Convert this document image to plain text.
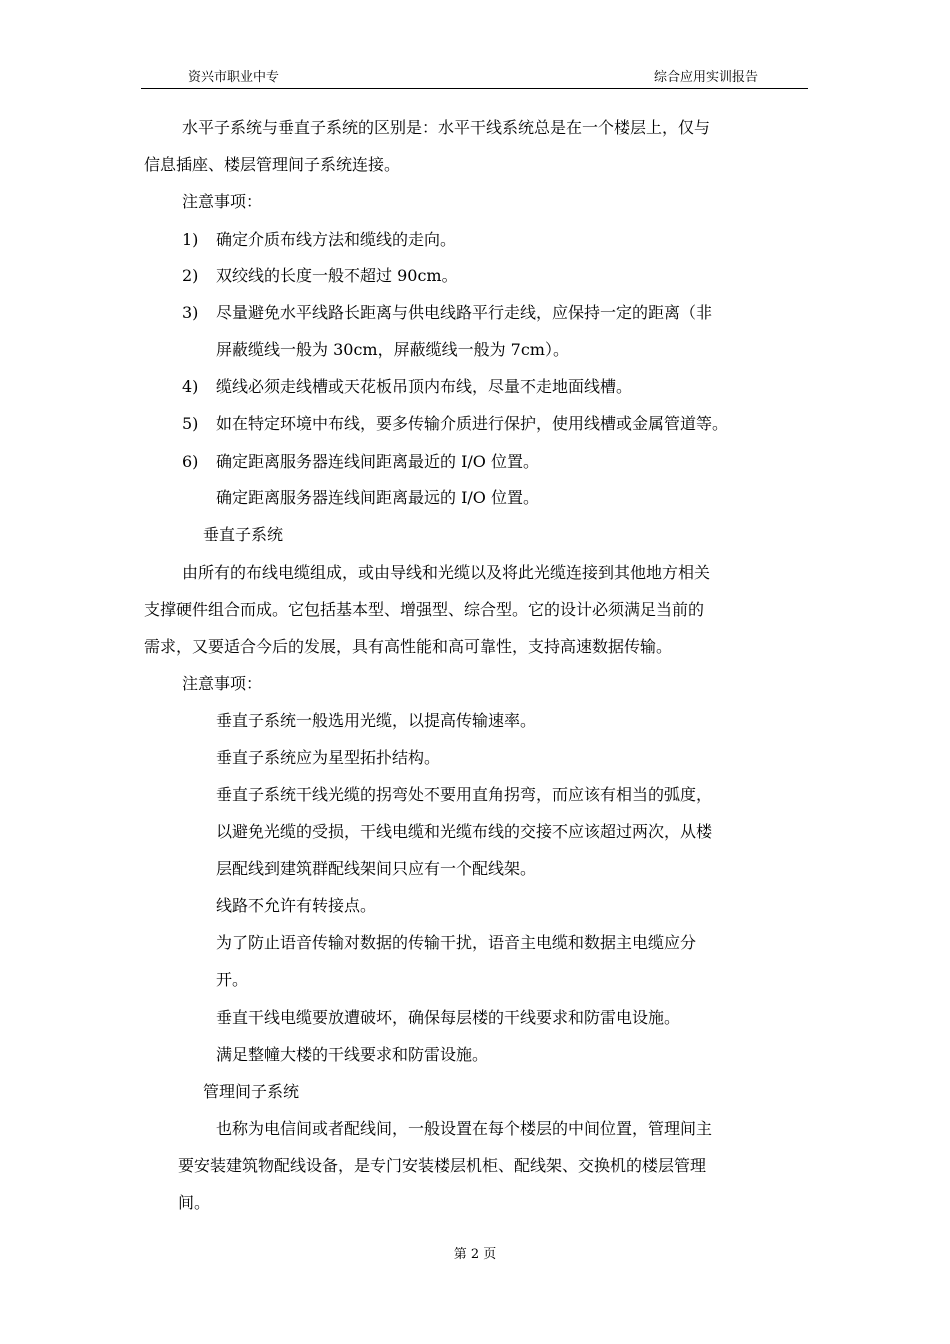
资兴市职业中专	综合应用实训报告
水平子系统与垂直子系统的区别是：水平干线系统总是在一个楼层上，仅与
信息插座、楼层管理间子系统连接。
注意事项：
1) 确定介质布线方法和缆线的走向。
2) 双绞线的长度一般不超过 90cm。
3) 尽量避免水平线路长距离与供电线路平行走线，应保持一定的距离（非
屏蔽缆线一般为 30cm，屏蔽缆线一般为 7cm）。
4) 缆线必须走线槽或天花板吊顶内布线，尽量不走地面线槽。
5) 如在特定环境中布线，要多传输介质进行保护，使用线槽或金属管道等。
6) 确定距离服务器连线间距离最近的 I/O 位置。
确定距离服务器连线间距离最远的 I/O 位置。
垂直子系统
由所有的布线电缆组成，或由导线和光缆以及将此光缆连接到其他地方相关
支撑硬件组合而成。它包括基本型、增强型、综合型。它的设计必须满足当前的
需求，又要适合今后的发展，具有高性能和高可靠性，支持高速数据传输。
注意事项：
垂直子系统一般选用光缆，以提高传输速率。
垂直子系统应为星型拓扑结构。
垂直子系统干线光缆的拐弯处不要用直角拐弯，而应该有相当的弧度，
以避免光缆的受损，干线电缆和光缆布线的交接不应该超过两次，从楼
层配线到建筑群配线架间只应有一个配线架。
线路不允许有转接点。
为了防止语音传输对数据的传输干扰，语音主电缆和数据主电缆应分
开。
垂直干线电缆要放遭破坏，确保每层楼的干线要求和防雷电设施。
满足整幢大楼的干线要求和防雷设施。
管理间子系统
也称为电信间或者配线间，一般设置在每个楼层的中间位置，管理间主
要安装建筑物配线设备，是专门安装楼层机柜、配线架、交换机的楼层管理
间。
第 2 页
